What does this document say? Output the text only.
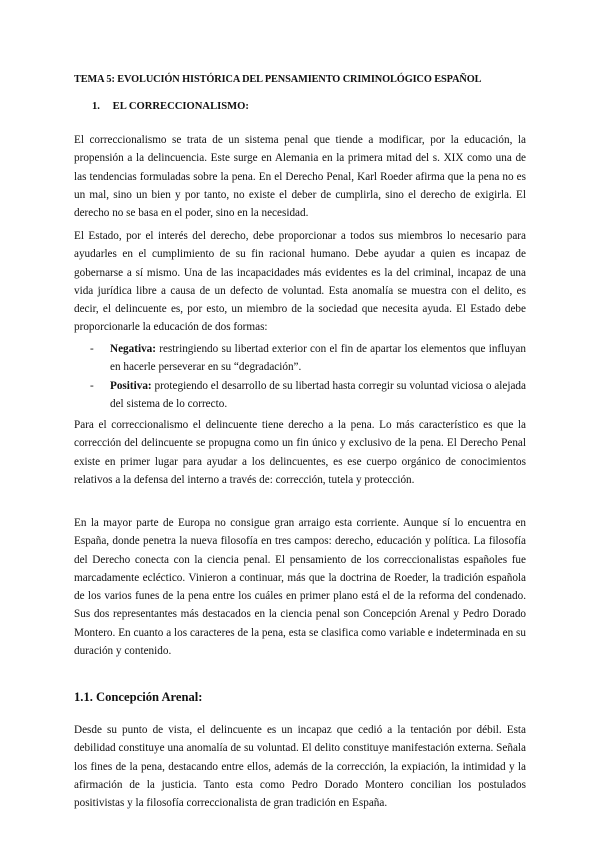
TEMA 5: EVOLUCIÓN HISTÓRICA DEL PENSAMIENTO CRIMINOLÓGICO ESPAÑOL
1. EL CORRECCIONALISMO:

El correccionalismo se trata de un sistema penal que tiende a modificar, por la educación, la propensión a la delincuencia. Este surge en Alemania en la primera mitad del s. XIX como una de las tendencias formuladas sobre la pena. En el Derecho Penal, Karl Roeder afirma que la pena no es un mal, sino un bien y por tanto, no existe el deber de cumplirla, sino el derecho de exigirla. El derecho no se basa en el poder, sino en la necesidad.

El Estado, por el interés del derecho, debe proporcionar a todos sus miembros lo necesario para ayudarles en el cumplimiento de su fin racional humano. Debe ayudar a quien es incapaz de gobernarse a sí mismo. Una de las incapacidades más evidentes es la del criminal, incapaz de una vida jurídica libre a causa de un defecto de voluntad. Esta anomalía se muestra con el delito, es decir, el delincuente es, por esto, un miembro de la sociedad que necesita ayuda. El Estado debe proporcionarle la educación de dos formas:

- Negativa: restringiendo su libertad exterior con el fin de apartar los elementos que influyan en hacerle perseverar en su “degradación”.
- Positiva: protegiendo el desarrollo de su libertad hasta corregir su voluntad viciosa o alejada del sistema de lo correcto.

Para el correccionalismo el delincuente tiene derecho a la pena. Lo más característico es que la corrección del delincuente se propugna como un fin único y exclusivo de la pena. El Derecho Penal existe en primer lugar para ayudar a los delincuentes, es ese cuerpo orgánico de conocimientos relativos a la defensa del interno a través de: corrección, tutela y protección.

En la mayor parte de Europa no consigue gran arraigo esta corriente. Aunque sí lo encuentra en España, donde penetra la nueva filosofía en tres campos: derecho, educación y política. La filosofía del Derecho conecta con la ciencia penal. El pensamiento de los correccionalistas españoles fue marcadamente ecléctico. Vinieron a continuar, más que la doctrina de Roeder, la tradición española de los varios funes de la pena entre los cuáles en primer plano está el de la reforma del condenado. Sus dos representantes más destacados en la ciencia penal son Concepción Arenal y Pedro Dorado Montero. En cuanto a los caracteres de la pena, esta se clasifica como variable e indeterminada en su duración y contenido.

1.1. Concepción Arenal:

Desde su punto de vista, el delincuente es un incapaz que cedió a la tentación por débil. Esta debilidad constituye una anomalía de su voluntad. El delito constituye manifestación externa. Señala los fines de la pena, destacando entre ellos, además de la corrección, la expiación, la intimidad y la afirmación de la justicia. Tanto esta como Pedro Dorado Montero concilian los postulados positivistas y la filosofía correccionalista de gran tradición en España.
